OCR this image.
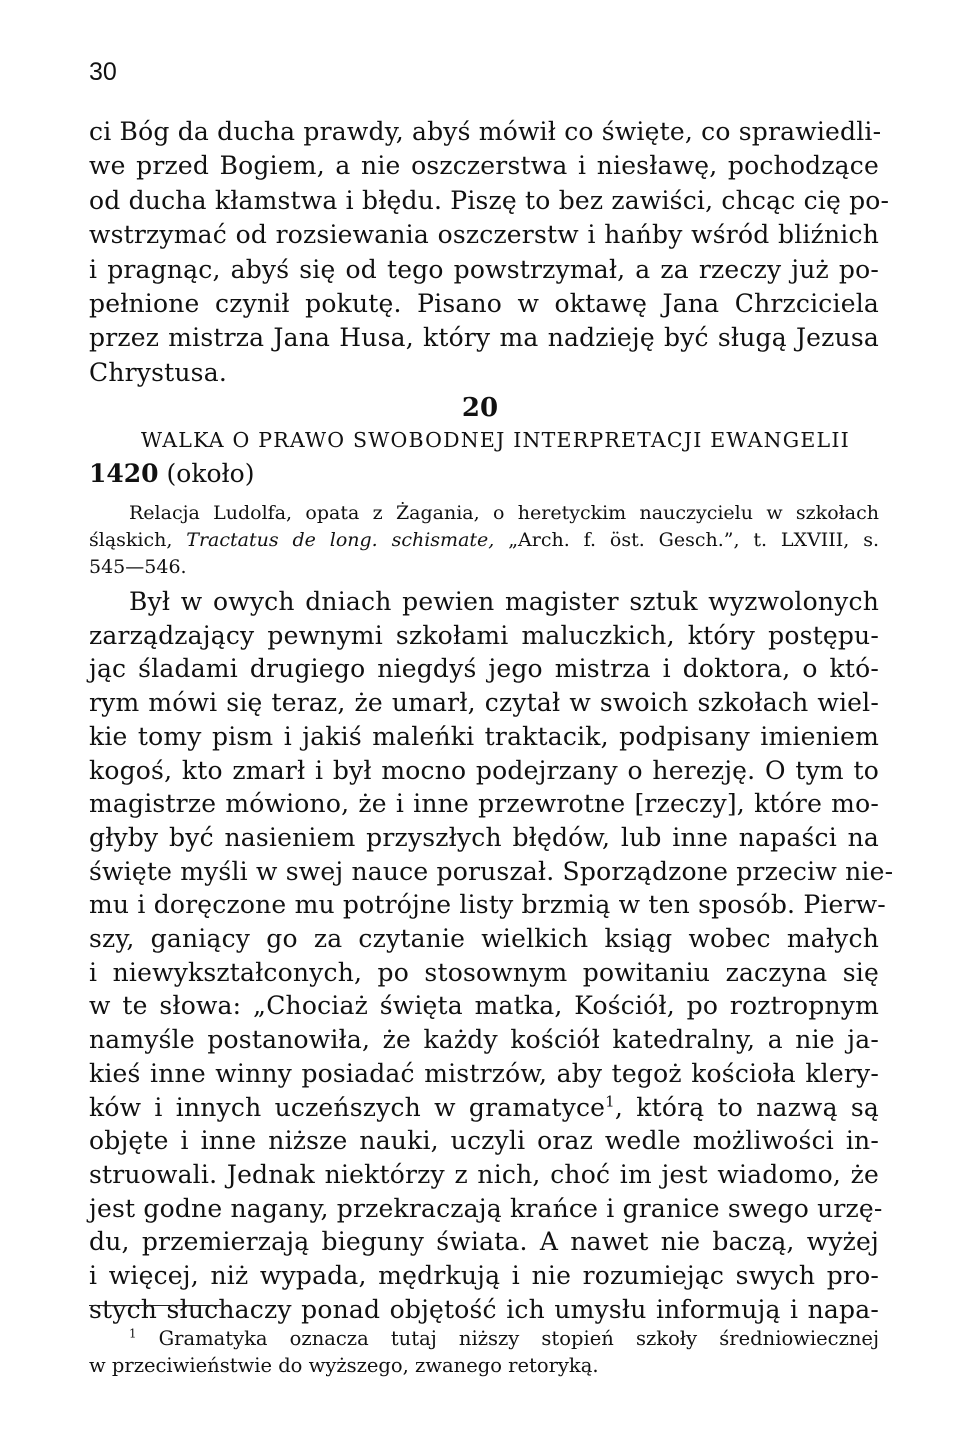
30
ci Bóg da ducha prawdy, abyś mówił co święte, co sprawiedli-
we przed Bogiem, a nie oszczerstwa i niesławę, pochodzące
od ducha kłamstwa i błędu. Piszę to bez zawiści, chcąc cię po-
wstrzymać od rozsiewania oszczerstw i hańby wśród bliźnich
i pragnąc, abyś się od tego powstrzymał, a za rzeczy już po-
pełnione czynił pokutę. Pisano w oktawę Jana Chrzciciela
przez mistrza Jana Husa, który ma nadzieję być sługą Jezusa
Chrystusa.
20
WALKA O PRAWO SWOBODNEJ INTERPRETACJI EWANGELII
1420 (około)
Relacja Ludolfa, opata z Żagania, o heretyckim nauczycielu w szkołach
śląskich, Tractatus de long. schismate, „Arch. f. öst. Gesch.”, t. LXVIII, s.
545—546.
Był w owych dniach pewien magister sztuk wyzwolonych
zarządzający pewnymi szkołami maluczkich, który postępu-
jąc śladami drugiego niegdyś jego mistrza i doktora, o któ-
rym mówi się teraz, że umarł, czytał w swoich szkołach wiel-
kie tomy pism i jakiś maleńki traktacik, podpisany imieniem
kogoś, kto zmarł i był mocno podejrzany o herezję. O tym to
magistrze mówiono, że i inne przewrotne [rzeczy], które mo-
głyby być nasieniem przyszłych błędów, lub inne napaści na
święte myśli w swej nauce poruszał. Sporządzone przeciw nie-
mu i doręczone mu potrójne listy brzmią w ten sposób. Pierw-
szy, ganiący go za czytanie wielkich ksiąg wobec małych
i niewykształconych, po stosownym powitaniu zaczyna się
w te słowa: „Chociaż święta matka, Kościół, po roztropnym
namyśle postanowiła, że każdy kościół katedralny, a nie ja-
kieś inne winny posiadać mistrzów, aby tegoż kościoła klery-
ków i innych uczeńszych w gramatyce$^1$, którą to nazwą są
objęte i inne niższe nauki, uczyli oraz wedle możliwości in-
struowali. Jednak niektórzy z nich, choć im jest wiadomo, że
jest godne nagany, przekraczają krańce i granice swego urzę-
du, przemierzają bieguny świata. A nawet nie baczą, wyżej
i więcej, niż wypada, mędrkują i nie rozumiejąc swych pro-
stych słuchaczy ponad objętość ich umysłu informują i napa-
$^1$ Gramatyka oznacza tutaj niższy stopień szkoły średniowiecznej
w przeciwieństwie do wyższego, zwanego retoryką.
